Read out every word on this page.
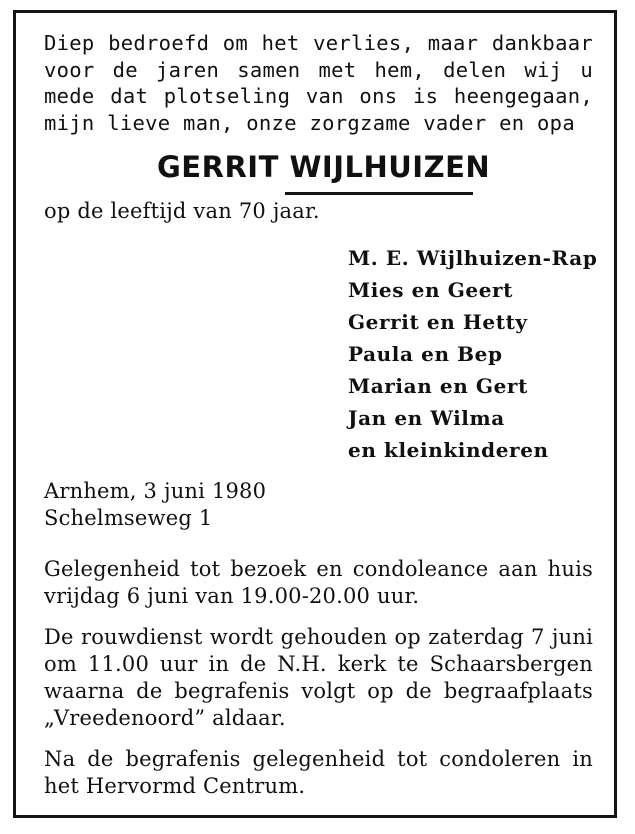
Diep bedroefd om het verlies, maar dankbaar voor de jaren samen met hem, delen wij u mede dat plotseling van ons is heengegaan, mijn lieve man, onze zorgzame vader en opa

GERRIT WIJLHUIZEN

op de leeftijd van 70 jaar.

M. E. Wijlhuizen-Rap
Mies en Geert
Gerrit en Hetty
Paula en Bep
Marian en Gert
Jan en Wilma
en kleinkinderen
Arnhem, 3 juni 1980
Schelmseweg 1

Gelegenheid tot bezoek en condoleance aan huis vrijdag 6 juni van 19.00-20.00 uur.

De rouwdienst wordt gehouden op zaterdag 7 juni om 11.00 uur in de N.H. kerk te Schaarsbergen waarna de begrafenis volgt op de begraafplaats „Vreedenoord” aldaar.

Na de begrafenis gelegenheid tot condoleren in het Hervormd Centrum.
